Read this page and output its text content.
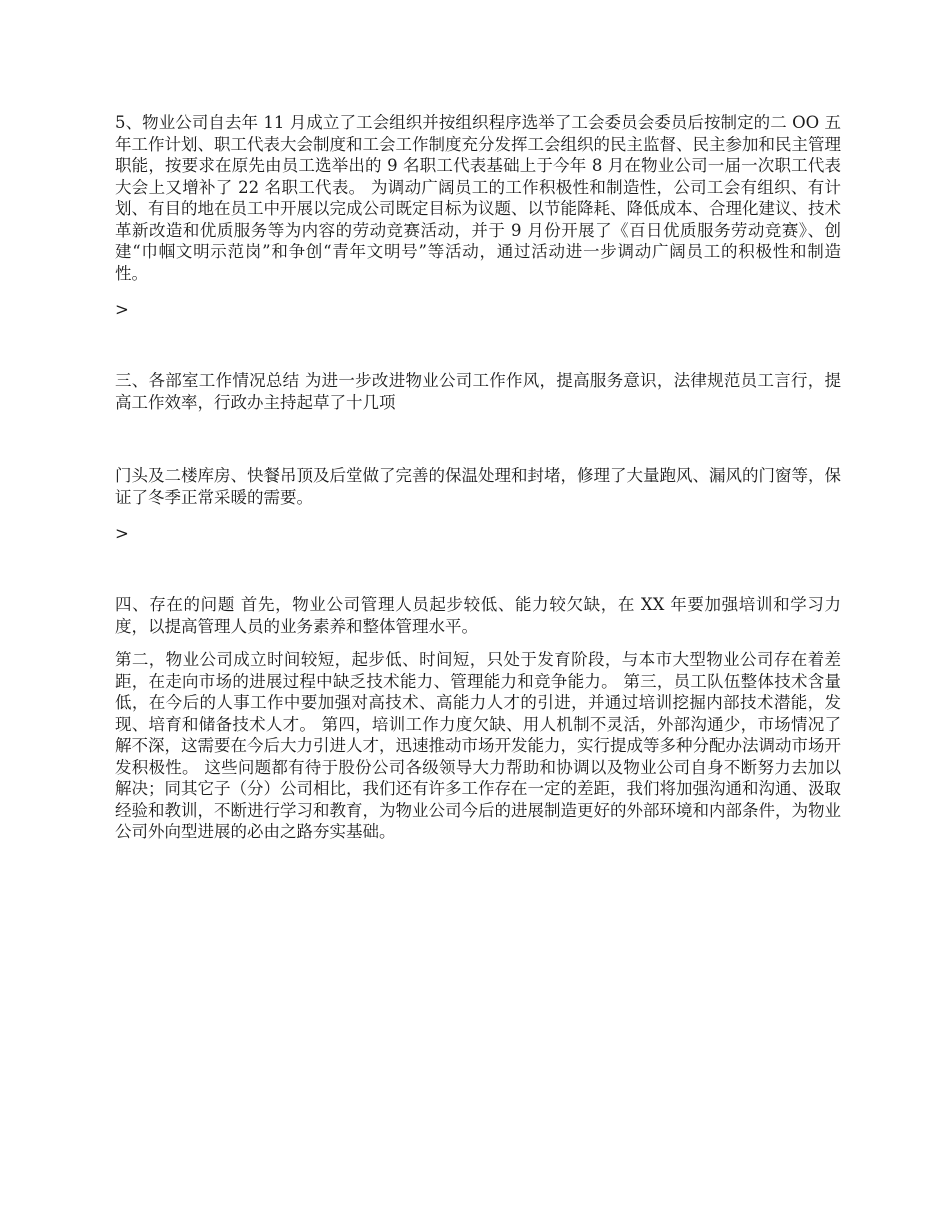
5、物业公司自去年 11 月成立了工会组织并按组织程序选举了工会委员会委员后按制定的二 OO 五年工作计划、职工代表大会制度和工会工作制度充分发挥工会组织的民主监督、民主参加和民主管理职能，按要求在原先由员工选举出的 9 名职工代表基础上于今年 8 月在物业公司一届一次职工代表大会上又增补了 22 名职工代表。 为调动广阔员工的工作积极性和制造性，公司工会有组织、有计划、有目的地在员工中开展以完成公司既定目标为议题、以节能降耗、降低成本、合理化建议、技术革新改造和优质服务等为内容的劳动竞赛活动，并于 9 月份开展了《百日优质服务劳动竞赛》、创建“巾帼文明示范岗”和争创“青年文明号”等活动，通过活动进一步调动广阔员工的积极性和制造性。

>

三、各部室工作情况总结 为进一步改进物业公司工作作风，提高服务意识，法律规范员工言行，提高工作效率，行政办主持起草了十几项

门头及二楼库房、快餐吊顶及后堂做了完善的保温处理和封堵，修理了大量跑风、漏风的门窗等，保证了冬季正常采暖的需要。

>

四、存在的问题 首先，物业公司管理人员起步较低、能力较欠缺，在 XX 年要加强培训和学习力度，以提高管理人员的业务素养和整体管理水平。

第二，物业公司成立时间较短，起步低、时间短，只处于发育阶段，与本市大型物业公司存在着差距，在走向市场的进展过程中缺乏技术能力、管理能力和竞争能力。 第三，员工队伍整体技术含量低，在今后的人事工作中要加强对高技术、高能力人才的引进，并通过培训挖掘内部技术潜能，发现、培育和储备技术人才。 第四，培训工作力度欠缺、用人机制不灵活，外部沟通少，市场情况了解不深，这需要在今后大力引进人才，迅速推动市场开发能力，实行提成等多种分配办法调动市场开发积极性。 这些问题都有待于股份公司各级领导大力帮助和协调以及物业公司自身不断努力去加以解决；同其它子（分）公司相比，我们还有许多工作存在一定的差距，我们将加强沟通和沟通、汲取经验和教训，不断进行学习和教育，为物业公司今后的进展制造更好的外部环境和内部条件，为物业公司外向型进展的必由之路夯实基础。
